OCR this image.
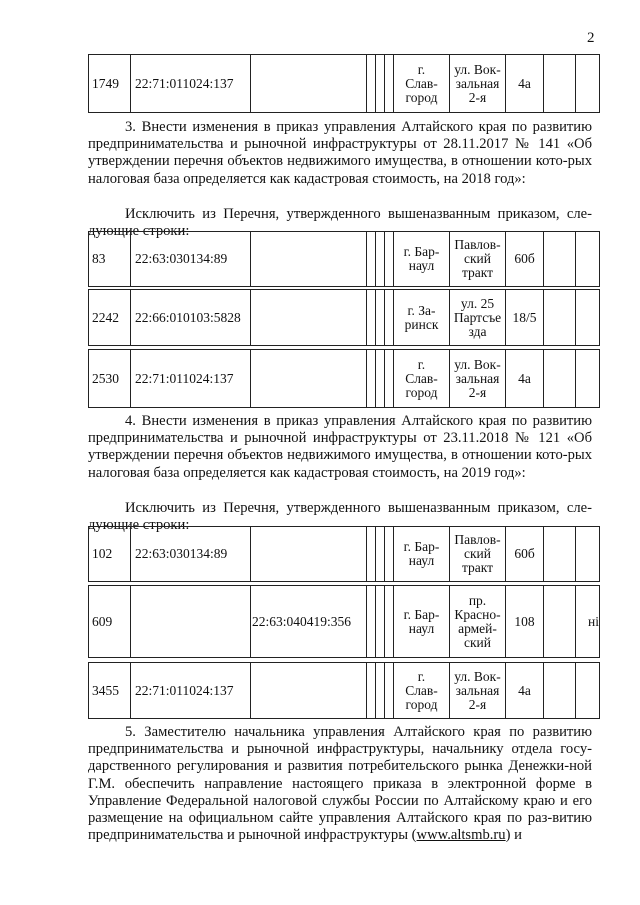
2
1749	22:71:011024:137					г.
Слав-
город	ул. Вок-
зальная
2-я	4а		

3. Внести изменения в приказ управления Алтайского края по развитию предпринимательства и рыночной инфраструктуры от 28.11.2017 № 141 «Об утверждении перечня объектов недвижимого имущества, в отношении кото-рых налоговая база определяется как кадастровая стоимость, на 2018 год»:

Исключить из Перечня, утвержденного вышеназванным приказом, сле-дующие строки:

83	22:63:030134:89					г. Бар-
наул	Павлов-
ский
тракт	60б		
2242	22:66:010103:5828					г. За-
ринск	ул. 25
Партсъе
зда	18/5		
2530	22:71:011024:137					г.
Слав-
город	ул. Вок-
зальная
2-я	4а		

4. Внести изменения в приказ управления Алтайского края по развитию предпринимательства и рыночной инфраструктуры от 23.11.2018 № 121 «Об утверждении перечня объектов недвижимого имущества, в отношении кото-рых налоговая база определяется как кадастровая стоимость, на 2019 год»:

Исключить из Перечня, утвержденного вышеназванным приказом, сле-дующие строки:

102	22:63:030134:89					г. Бар-
наул	Павлов-
ский
тракт	60б		
609		22:63:040419:356				г. Бар-
наул	пр.
Красно-
армей-
ский	108		нi
3455	22:71:011024:137					г.
Слав-
город	ул. Вок-
зальная
2-я	4а		

5. Заместителю начальника управления Алтайского края по развитию предпринимательства и рыночной инфраструктуры, начальнику отдела госу-дарственного регулирования и развития потребительского рынка Денежки-ной Г.М. обеспечить направление настоящего приказа в электронной форме в Управление Федеральной налоговой службы России по Алтайскому краю и его размещение на официальном сайте управления Алтайского края по раз-витию предпринимательства и рыночной инфраструктуры (www.altsmb.ru) и
